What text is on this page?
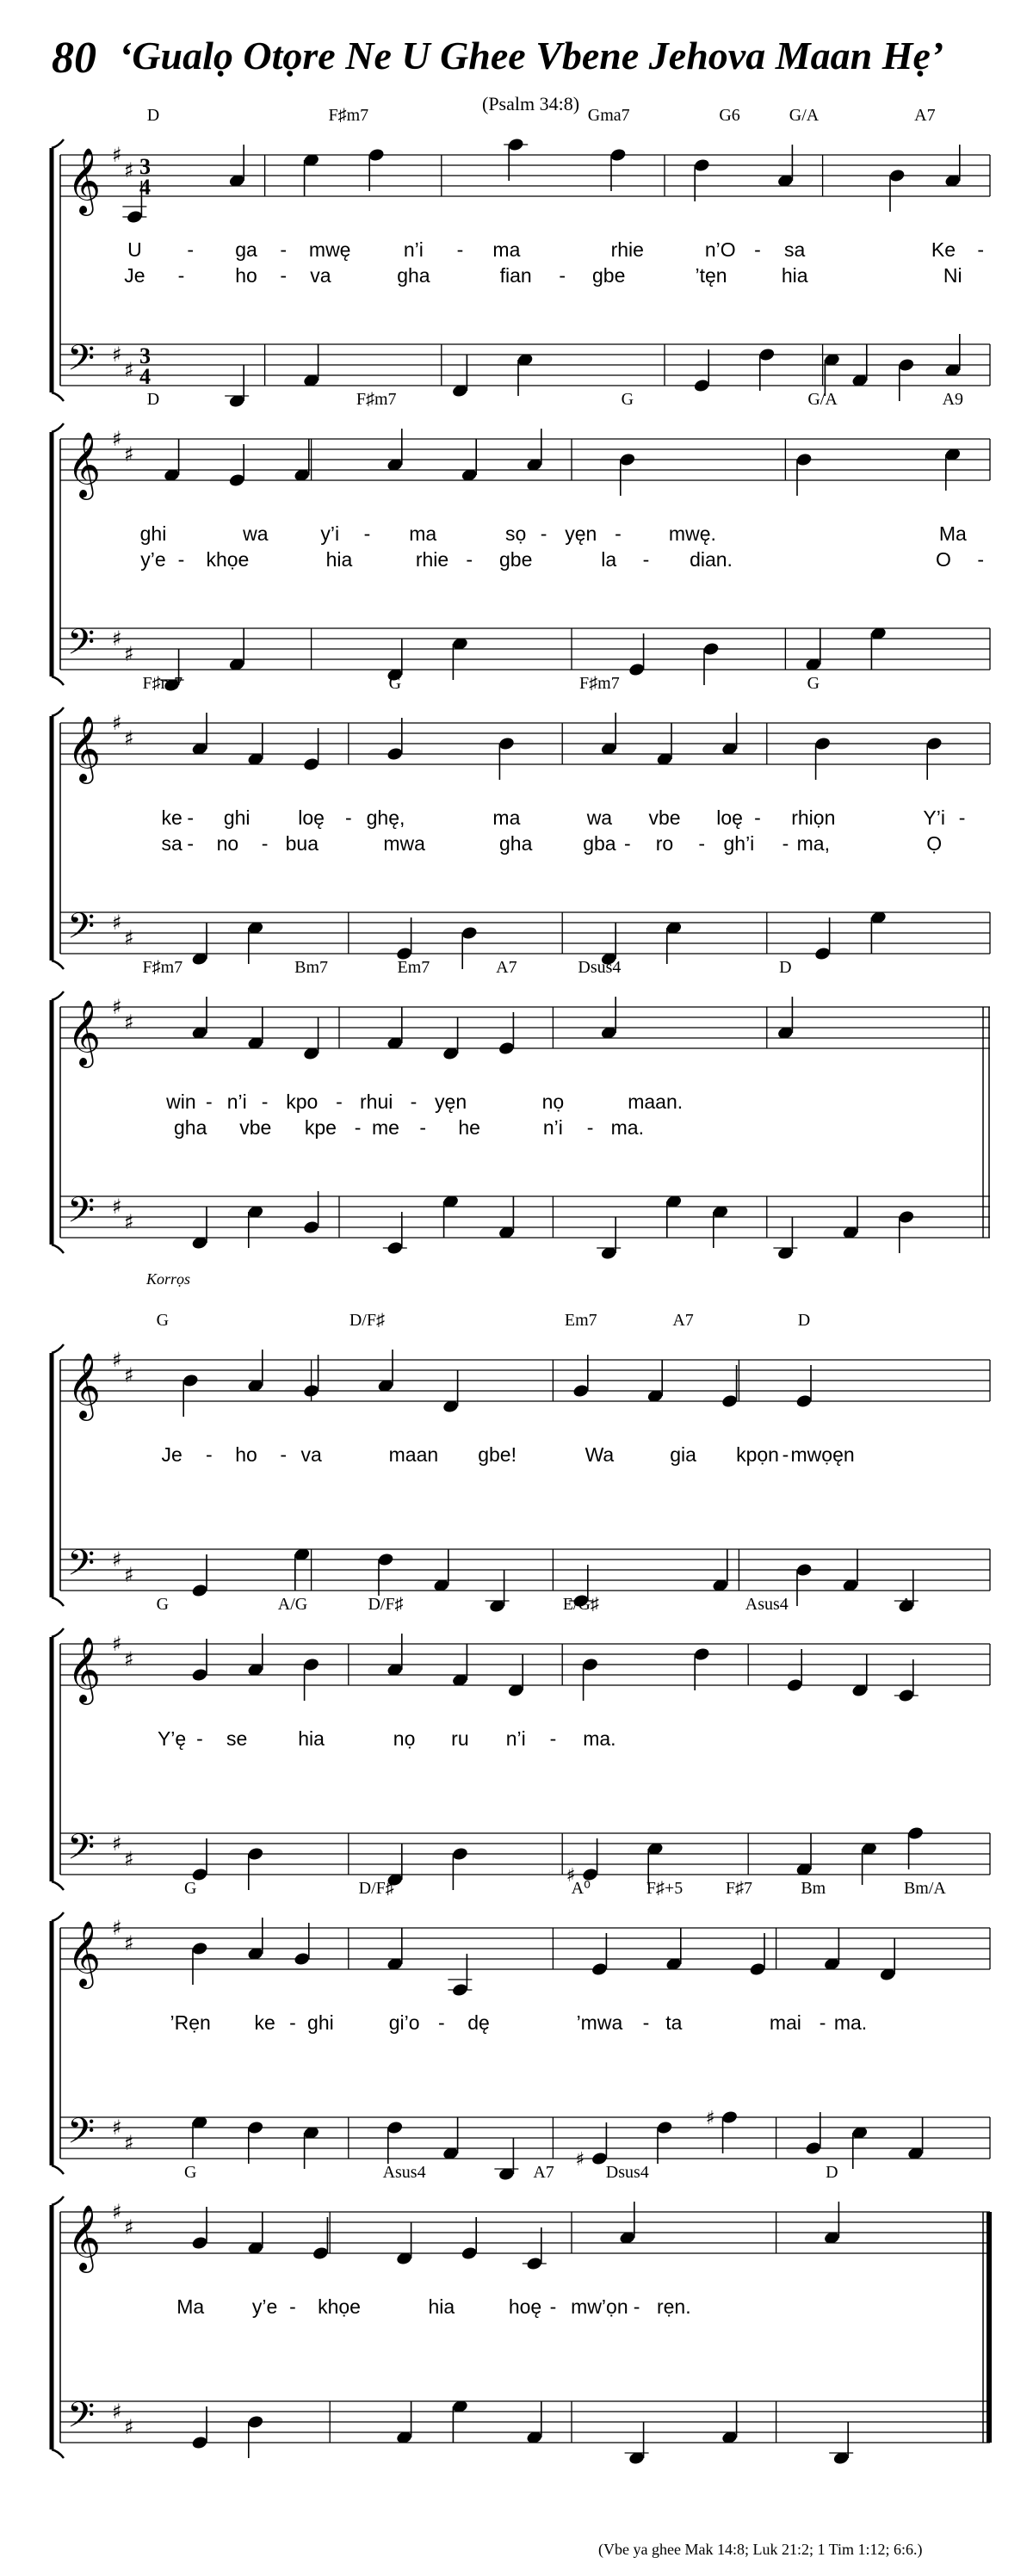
80 ‘Gualọ Otọre Ne U Ghee Vbene Jehova Maan Hẹ’
(Psalm 34:8)
𝄞
𝄢
♯
♯
♯
♯
3
4
3
4
D	F♯m7	Gma7	G6	G/A	A7
U - ga - mwę	n’i - ma	rhie	n’O - sa	Ke -
Je -	ho - va	gha	fian - gbe	’tęn	hia	Ni
𝄞
𝄢
♯
♯
♯
♯
D	F♯m7	G	G/A	A9
ghi	wa	y’i - ma	sọ - yęn - mwę.	Ma
y’e - khọe	hia	rhie - gbe	la - dian.	O -
𝄞
𝄢
♯
♯
♯
♯
F♯m7	G	F♯m7	G
ke - ghi loę - ghę,	ma	wa vbe loę - rhiọn	Y’i -
sa - no - bua	mwa	gha	gba - ro - gh’i - ma,	Ọ
𝄞
𝄢
♯
♯
♯
♯
F♯m7	Bm7	Em7	A7	Dsus4	D
win - n’i - kpo - rhui - yęn	nọ	maan.
gha vbe kpe - me - he	n’i - ma.
𝄞
𝄢
♯
♯
♯
♯
Korrọs
G	D/F♯	Em7	A7	D
Je - ho - va	maan gbe!	Wa	gia kpọn - mwọęn
𝄞
𝄢
♯
♯
♯
♯
G	A/G	D/F♯	E/G♯	Asus4	A
♯
Y’ę - se	hia	nọ ru n’i - ma.
𝄞
𝄢
♯
♯
♯
♯
G	D/F♯	A⁰	F♯+5 F♯7	Bm	Bm/A
♯
♯
’Rẹn ke - ghi	gi’o - dę	’mwa - ta	mai - ma.
𝄞
𝄢
♯
♯
♯
♯
G	Asus4	A7	Dsus4	D
Ma y’e - khọe	hia	hoę - mw’ọn - rẹn.
(Vbe ya ghee Mak 14:8; Luk 21:2; 1 Tim 1:12; 6:6.)
